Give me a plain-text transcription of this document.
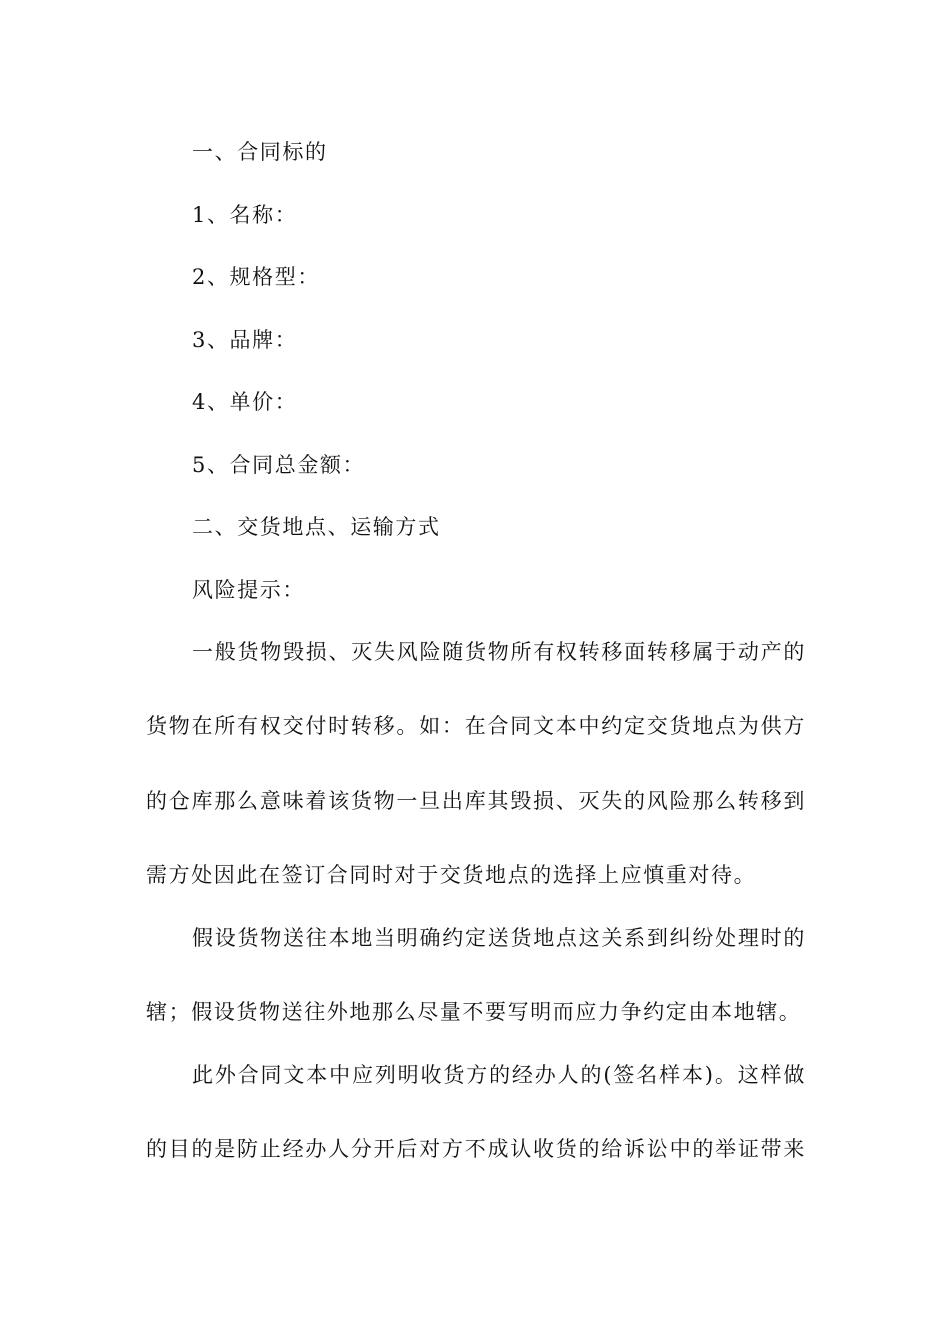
一、合同标的
1、名称：
2、规格型：
3、品牌：
4、单价：
5、合同总金额：
二、交货地点、运输方式
风险提示：
一般货物毁损、灭失风险随货物所有权转移面转移属于动产的
货物在所有权交付时转移。如：在合同文本中约定交货地点为供方
的仓库那么意味着该货物一旦出库其毁损、灭失的风险那么转移到
需方处因此在签订合同时对于交货地点的选择上应慎重对待。
假设货物送往本地当明确约定送货地点这关系到纠纷处理时的
辖；假设货物送往外地那么尽量不要写明而应力争约定由本地辖。
此外合同文本中应列明收货方的经办人的(签名样本)。这样做
的目的是防止经办人分开后对方不成认收货的给诉讼中的举证带来
